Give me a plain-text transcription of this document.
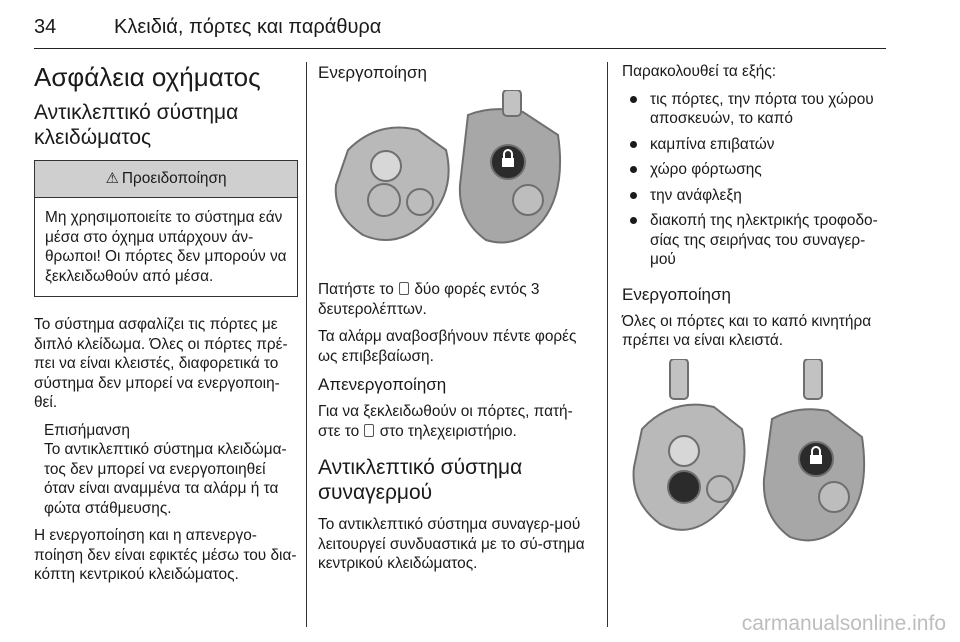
34	Κλειδιά, πόρτες και παράθυρα
Ασφάλεια οχήματος
Αντικλεπτικό σύστημα κλειδώματος
⚠ Προειδοποίηση
Μη χρησιμοποιείτε το σύστημα εάν μέσα στο όχημα υπάρχουν άν-θρωποι! Οι πόρτες δεν μπορούν να ξεκλειδωθούν από μέσα.

Το σύστημα ασφαλίζει τις πόρτες με διπλό κλείδωμα. Όλες οι πόρτες πρέ-πει να είναι κλειστές, διαφορετικά το σύστημα δεν μπορεί να ενεργοποιη-θεί.

Επισήμανση
Το αντικλεπτικό σύστημα κλειδώμα-τος δεν μπορεί να ενεργοποιηθεί όταν είναι αναμμένα τα αλάρμ ή τα φώτα στάθμευσης.

Η ενεργοποίηση και η απενεργο-ποίηση δεν είναι εφικτές μέσω του δια-κόπτη κεντρικού κλειδώματος.

Ενεργοποίηση

Πατήστε το δύο φορές εντός 3 δευτερολέπτων.

Τα αλάρμ αναβοσβήνουν πέντε φορές ως επιβεβαίωση.

Απενεργοποίηση

Για να ξεκλειδωθούν οι πόρτες, πατή-στε το στο τηλεχειριστήριο.

Αντικλεπτικό σύστημα συναγερμού

Το αντικλεπτικό σύστημα συναγερ-μού λειτουργεί συνδυαστικά με το σύ-στημα κεντρικού κλειδώματος.

Παρακολουθεί τα εξής:

τις πόρτες, την πόρτα του χώρου αποσκευών, το καπό
καμπίνα επιβατών
χώρο φόρτωσης
την ανάφλεξη
διακοπή της ηλεκτρικής τροφοδο-σίας της σειρήνας του συναγερ-μού
Ενεργοποίηση

Όλες οι πόρτες και το καπό κινητήρα πρέπει να είναι κλειστά.

carmanualsonline.info
